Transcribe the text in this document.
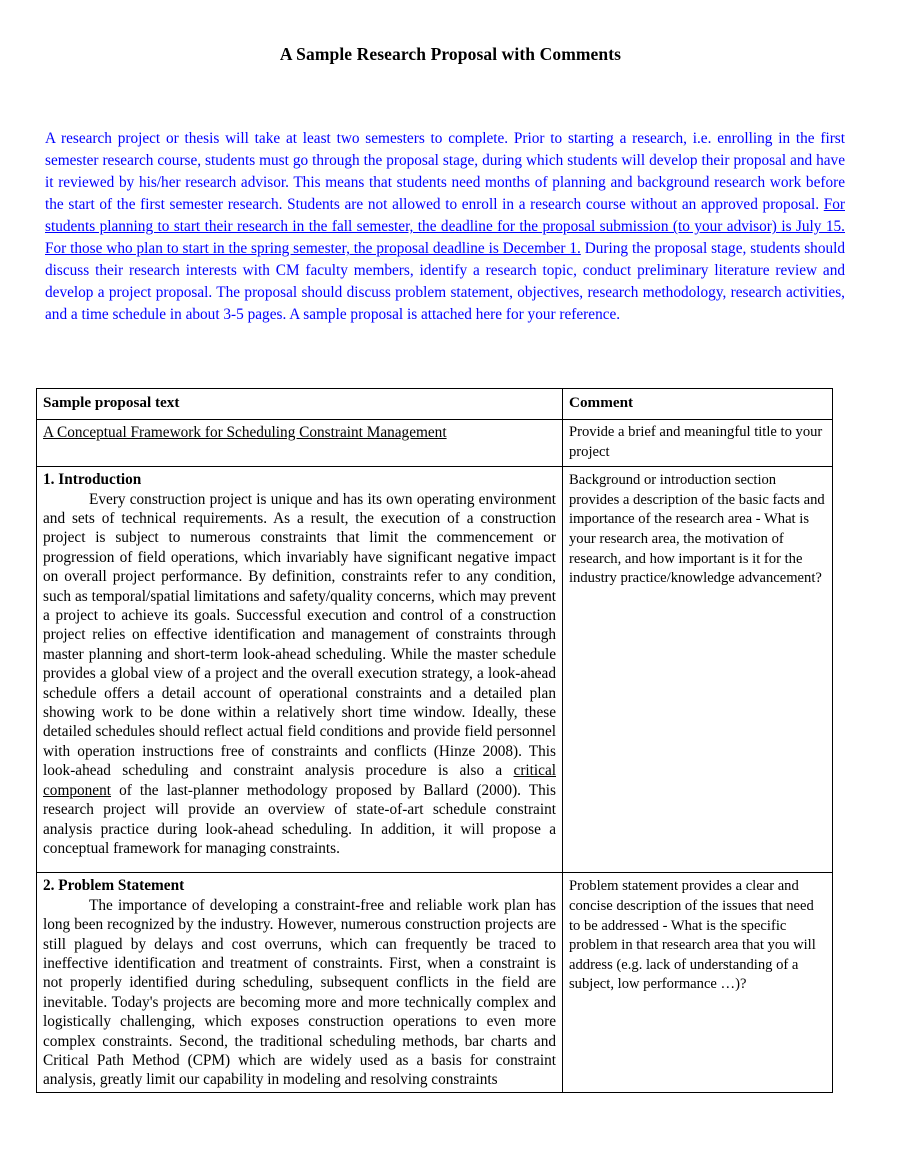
A Sample Research Proposal with Comments

A research project or thesis will take at least two semesters to complete. Prior to starting a research, i.e. enrolling in the first semester research course, students must go through the proposal stage, during which students will develop their proposal and have it reviewed by his/her research advisor. This means that students need months of planning and background research work before the start of the first semester research. Students are not allowed to enroll in a research course without an approved proposal. For students planning to start their research in the fall semester, the deadline for the proposal submission (to your advisor) is July 15. For those who plan to start in the spring semester, the proposal deadline is December 1. During the proposal stage, students should discuss their research interests with CM faculty members, identify a research topic, conduct preliminary literature review and develop a project proposal. The proposal should discuss problem statement, objectives, research methodology, research activities, and a time schedule in about 3-5 pages. A sample proposal is attached here for your reference.

Sample proposal text	Comment
A Conceptual Framework for Scheduling Constraint Management	Provide a brief and meaningful title to your project

1. Introduction
Every construction project is unique and has its own operating environment and sets of technical requirements. As a result, the execution of a construction project is subject to numerous constraints that limit the commencement or progression of field operations, which invariably have significant negative impact on overall project performance. By definition, constraints refer to any condition, such as temporal/spatial limitations and safety/quality concerns, which may prevent a project to achieve its goals. Successful execution and control of a construction project relies on effective identification and management of constraints through master planning and short-term look-ahead scheduling. While the master schedule provides a global view of a project and the overall execution strategy, a look-ahead schedule offers a detail account of operational constraints and a detailed plan showing work to be done within a relatively short time window. Ideally, these detailed schedules should reflect actual field conditions and provide field personnel with operation instructions free of constraints and conflicts (Hinze 2008). This look-ahead scheduling and constraint analysis procedure is also a critical component of the last-planner methodology proposed by Ballard (2000). This research project will provide an overview of state-of-art schedule constraint analysis practice during look-ahead scheduling. In addition, it will propose a conceptual framework for managing constraints.
	Background or introduction section provides a description of the basic facts and importance of the research area - What is your research area, the motivation of research, and how important is it for the industry practice/knowledge advancement?

2. Problem Statement
The importance of developing a constraint-free and reliable work plan has long been recognized by the industry. However, numerous construction projects are still plagued by delays and cost overruns, which can frequently be traced to ineffective identification and treatment of constraints. First, when a constraint is not properly identified during scheduling, subsequent conflicts in the field are inevitable. Today's projects are becoming more and more technically complex and logistically challenging, which exposes construction operations to even more complex constraints. Second, the traditional scheduling methods, bar charts and Critical Path Method (CPM) which are widely used as a basis for constraint analysis, greatly limit our capability in modeling and resolving constraints
	Problem statement provides a clear and concise description of the issues that need to be addressed - What is the specific problem in that research area that you will address (e.g. lack of understanding of a subject, low performance …)?
